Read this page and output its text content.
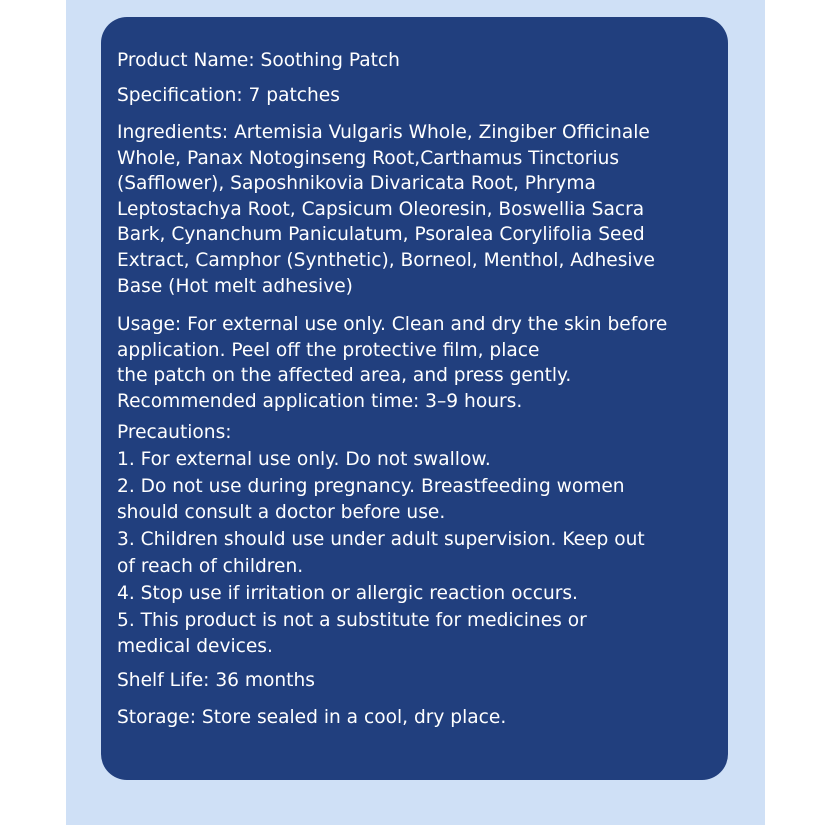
Product Name: Soothing Patch
Specification: 7 patches
Ingredients: Artemisia Vulgaris Whole, Zingiber Officinale
Whole, Panax Notoginseng Root,Carthamus Tinctorius
(Safflower), Saposhnikovia Divaricata Root, Phryma
Leptostachya Root, Capsicum Oleoresin, Boswellia Sacra
Bark, Cynanchum Paniculatum, Psoralea Corylifolia Seed
Extract, Camphor (Synthetic), Borneol, Menthol, Adhesive
Base (Hot melt adhesive)
Usage: For external use only. Clean and dry the skin before
application. Peel off the protective film, place
the patch on the affected area, and press gently.
Recommended application time: 3–9 hours.
Precautions:
1. For external use only. Do not swallow.
2. Do not use during pregnancy. Breastfeeding women
should consult a doctor before use.
3. Children should use under adult supervision. Keep out
of reach of children.
4. Stop use if irritation or allergic reaction occurs.
5. This product is not a substitute for medicines or
medical devices.
Shelf Life: 36 months
Storage: Store sealed in a cool, dry place.
